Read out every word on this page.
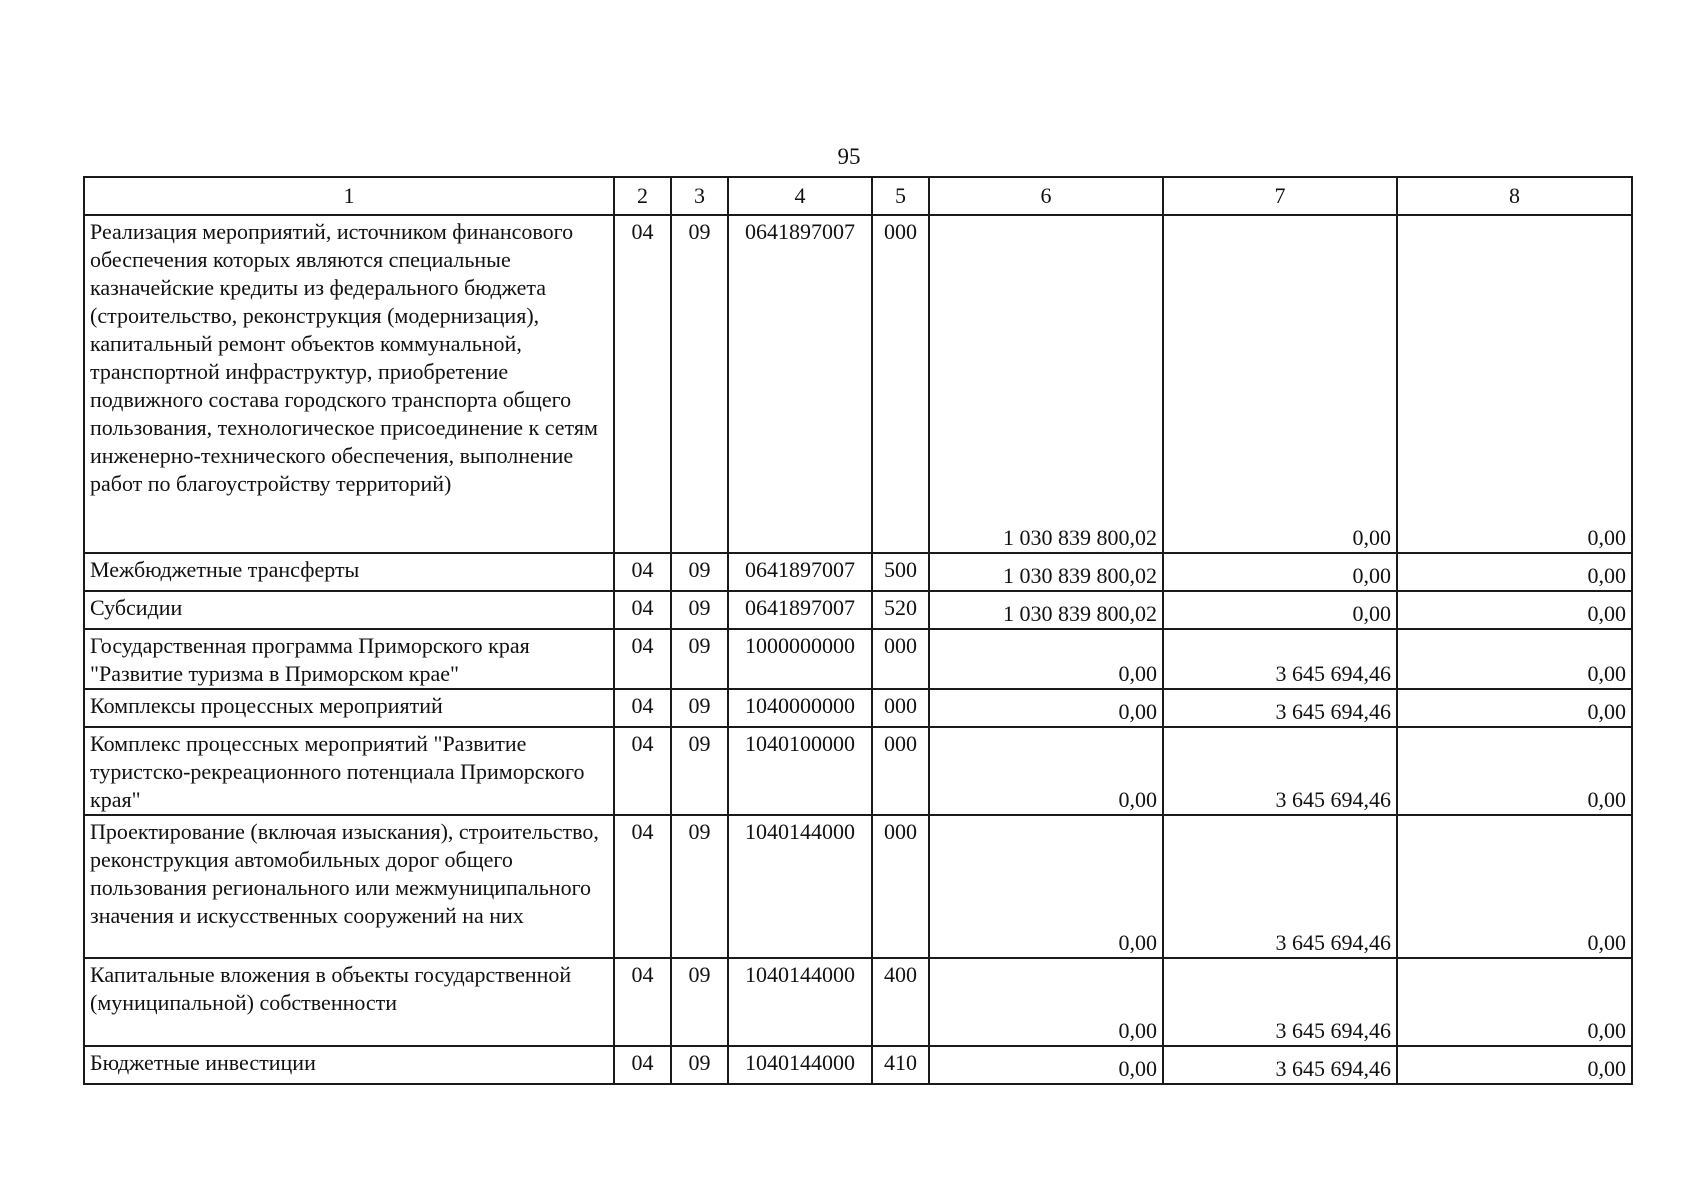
95
1	2	3	4	5	6	7	8
Реализация мероприятий, источником финансового обеспечения которых являются специальные казначейские кредиты из федерального бюджета (строительство, реконструкция (модернизация), капитальный ремонт объектов коммунальной, транспортной инфраструктур, приобретение подвижного состава городского транспорта общего пользования, технологическое присоединение к сетям инженерно-технического обеспечения, выполнение работ по благоустройству территорий)	04	09	0641897007	000	1 030 839 800,02	0,00	0,00
Межбюджетные трансферты	04	09	0641897007	500	1 030 839 800,02	0,00	0,00
Субсидии	04	09	0641897007	520	1 030 839 800,02	0,00	0,00
Государственная программа Приморского края "Развитие туризма в Приморском крае"	04	09	1000000000	000	0,00	3 645 694,46	0,00
Комплексы процессных мероприятий	04	09	1040000000	000	0,00	3 645 694,46	0,00
Комплекс процессных мероприятий "Развитие туристско-рекреационного потенциала Приморского края"	04	09	1040100000	000	0,00	3 645 694,46	0,00
Проектирование (включая изыскания), строительство, реконструкция автомобильных дорог общего пользования регионального или межмуниципального значения и искусственных сооружений на них	04	09	1040144000	000	0,00	3 645 694,46	0,00
Капитальные вложения в объекты государственной (муниципальной) собственности	04	09	1040144000	400	0,00	3 645 694,46	0,00
Бюджетные инвестиции	04	09	1040144000	410	0,00	3 645 694,46	0,00
